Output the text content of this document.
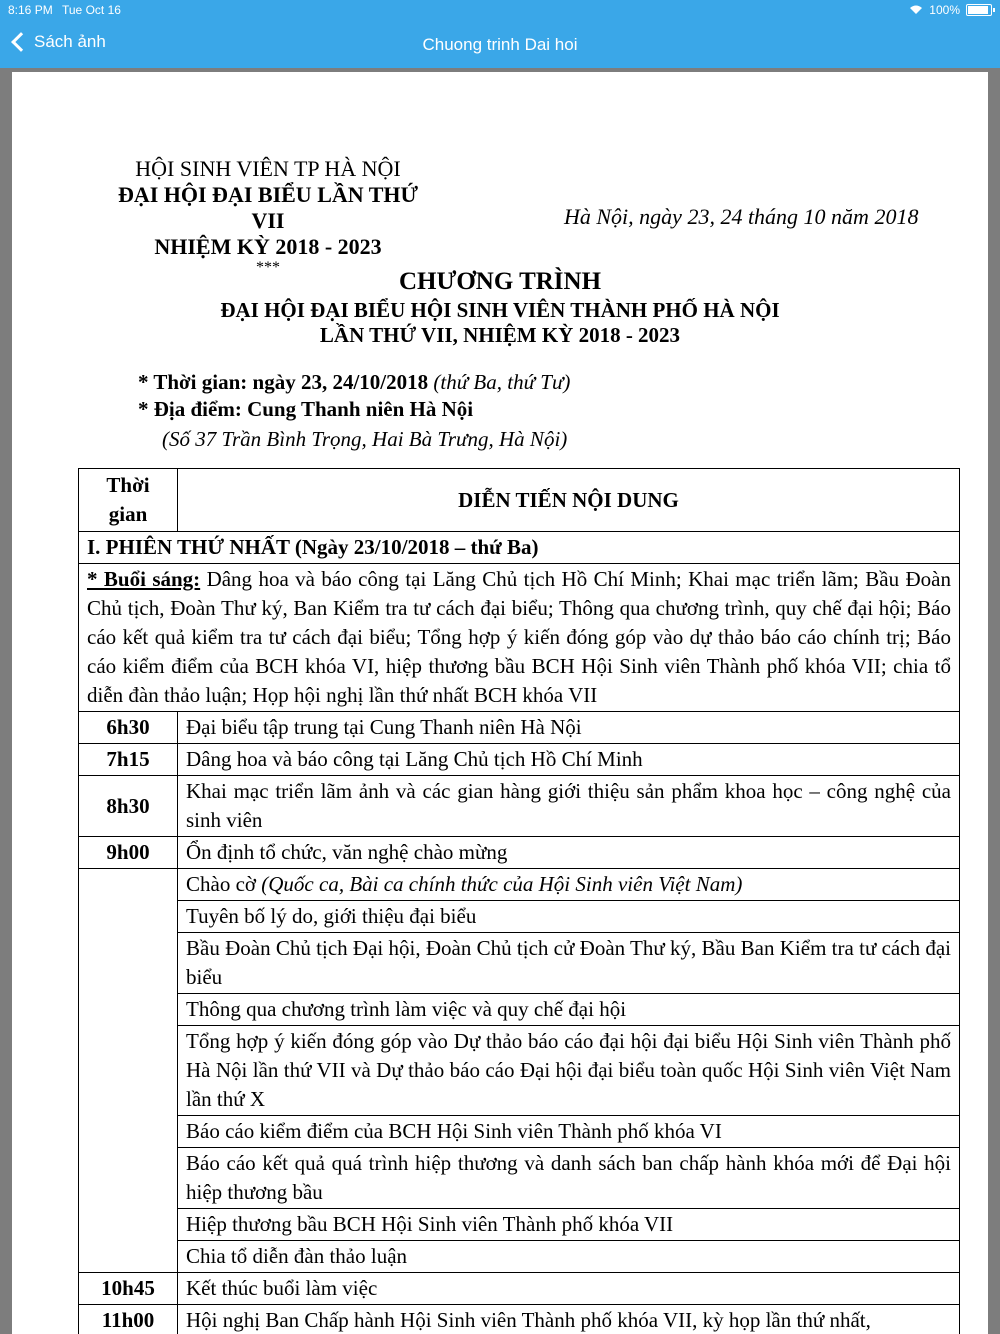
8:16 PM Tue Oct 16	100%
Sách ảnh	Chuong trinh Dai hoi
HỘI SINH VIÊN TP HÀ NỘI
ĐẠI HỘI ĐẠI BIỂU LẦN THỨ VII
NHIỆM KỲ 2018 - 2023
***
Hà Nội, ngày 23, 24 tháng 10 năm 2018
CHƯƠNG TRÌNH
ĐẠI HỘI ĐẠI BIỂU HỘI SINH VIÊN THÀNH PHỐ HÀ NỘI
LẦN THỨ VII, NHIỆM KỲ 2018 - 2023
* Thời gian: ngày 23, 24/10/2018 (thứ Ba, thứ Tư)
* Địa điểm: Cung Thanh niên Hà Nội
(Số 37 Trần Bình Trọng, Hai Bà Trưng, Hà Nội)
Thời gian	DIỄN TIẾN NỘI DUNG
I. PHIÊN THỨ NHẤT (Ngày 23/10/2018 – thứ Ba)	
* Buổi sáng: Dâng hoa và báo công tại Lăng Chủ tịch Hồ Chí Minh; Khai mạc triển lãm; Bầu Đoàn Chủ tịch, Đoàn Thư ký, Ban Kiểm tra tư cách đại biểu; Thông qua chương trình, quy chế đại hội; Báo cáo kết quả kiểm tra tư cách đại biểu; Tổng hợp ý kiến đóng góp vào dự thảo báo cáo chính trị; Báo cáo kiểm điểm của BCH khóa VI, hiệp thương bầu BCH Hội Sinh viên Thành phố khóa VII; chia tổ diễn đàn thảo luận; Họp hội nghị lần thứ nhất BCH khóa VII	
6h30	Đại biểu tập trung tại Cung Thanh niên Hà Nội
7h15	Dâng hoa và báo công tại Lăng Chủ tịch Hồ Chí Minh
8h30	Khai mạc triển lãm ảnh và các gian hàng giới thiệu sản phẩm khoa học – công nghệ của sinh viên
9h00	Ổn định tổ chức, văn nghệ chào mừng
	Chào cờ (Quốc ca, Bài ca chính thức của Hội Sinh viên Việt Nam)
	Tuyên bố lý do, giới thiệu đại biểu
	Bầu Đoàn Chủ tịch Đại hội, Đoàn Chủ tịch cử Đoàn Thư ký, Bầu Ban Kiểm tra tư cách đại biểu
	Thông qua chương trình làm việc và quy chế đại hội
	Tổng hợp ý kiến đóng góp vào Dự thảo báo cáo đại hội đại biểu Hội Sinh viên Thành phố Hà Nội lần thứ VII và Dự thảo báo cáo Đại hội đại biểu toàn quốc Hội Sinh viên Việt Nam lần thứ X
	Báo cáo kiểm điểm của BCH Hội Sinh viên Thành phố khóa VI
	Báo cáo kết quả quá trình hiệp thương và danh sách ban chấp hành khóa mới để Đại hội hiệp thương bầu
	Hiệp thương bầu BCH Hội Sinh viên Thành phố khóa VII
	Chia tổ diễn đàn thảo luận
10h45	Kết thúc buổi làm việc
11h00	Hội nghị Ban Chấp hành Hội Sinh viên Thành phố khóa VII, kỳ họp lần thứ nhất,
